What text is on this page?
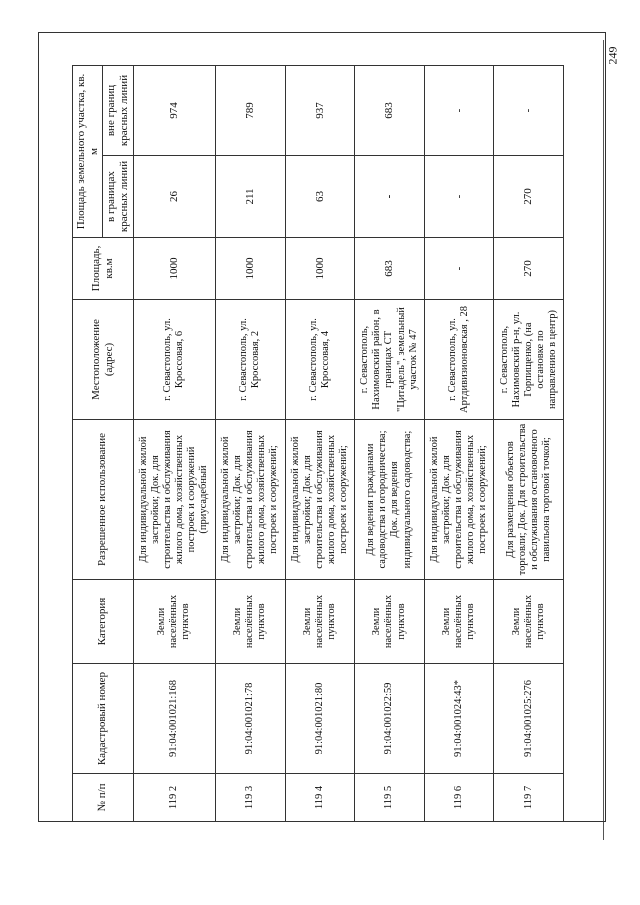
249
№ п/п	Кадастровый номер	Категория	Разрешенное использование	Местоположение (адрес)	Площадь, кв.м	Площадь земельного участка, кв. м	
						в границах красных линий	вне границ красных линий
119 2	91:04:001021:168	Земли населённых пунктов	Для индивидуальной жилой застройки; Док. для строительства и обслуживания жилого дома, хозяйственных построек и сооружений (приусадебный	г. Севастополь, ул. Кроссовая, 6	1000	26	974
119 3	91:04:001021:78	Земли населённых пунктов	Для индивидуальной жилой застройки; Док. для строительства и обслуживания жилого дома, хозяйственных построек и сооружений;	г. Севастополь, ул. Кроссовая, 2	1000	211	789
119 4	91:04:001021:80	Земли населённых пунктов	Для индивидуальной жилой застройки; Док. для строительства и обслуживания жилого дома, хозяйственных построек и сооружений;	г. Севастополь, ул. Кроссовая, 4	1000	63	937
119 5	91:04:001022:59	Земли населённых пунктов	Для ведения гражданами садоводства и огородничества; Док. для ведения индивидуального садоводства;	г. Севастополь, Нахимовский район, в границах СТ "Цитадель", земельный участок № 47	683	-	683
119 6	91:04:001024:43*	Земли населённых пунктов	Для индивидуальной жилой застройки; Док. для строительства и обслуживания жилого дома, хозяйственных построек и сооружений;	г. Севастополь, ул. Артдивизионовская , 28	-	-	-
119 7	91:04:001025:276	Земли населённых пунктов	Для размещения объектов торговли; Док. Для строительства и обслуживания остановочного павильона торговой точкой;	г. Севастополь, Нахимовский р-н, ул. Горпищенко, (на остановке по направлению в центр)	270	270	-
